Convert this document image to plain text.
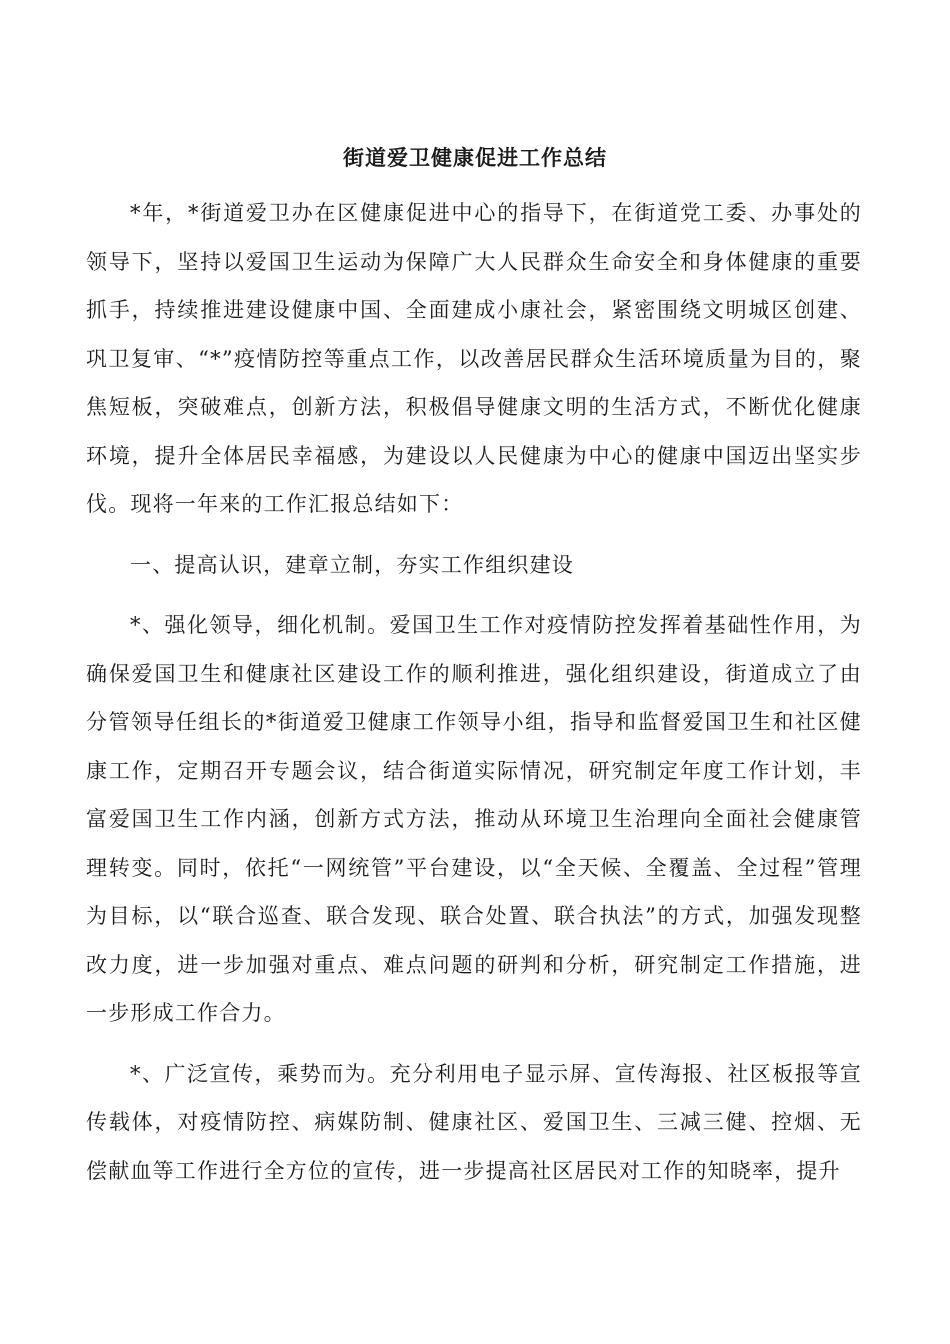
街道爱卫健康促进工作总结

*年，*街道爱卫办在区健康促进中心的指导下，在街道党工委、办事处的领导下，坚持以爱国卫生运动为保障广大人民群众生命安全和身体健康的重要抓手，持续推进建设健康中国、全面建成小康社会，紧密围绕文明城区创建、巩卫复审、“*”疫情防控等重点工作，以改善居民群众生活环境质量为目的，聚焦短板，突破难点，创新方法，积极倡导健康文明的生活方式，不断优化健康环境，提升全体居民幸福感，为建设以人民健康为中心的健康中国迈出坚实步伐。现将一年来的工作汇报总结如下：

一、提高认识，建章立制，夯实工作组织建设

*、强化领导，细化机制。爱国卫生工作对疫情防控发挥着基础性作用，为确保爱国卫生和健康社区建设工作的顺利推进，强化组织建设，街道成立了由分管领导任组长的*街道爱卫健康工作领导小组，指导和监督爱国卫生和社区健康工作，定期召开专题会议，结合街道实际情况，研究制定年度工作计划，丰富爱国卫生工作内涵，创新方式方法，推动从环境卫生治理向全面社会健康管理转变。同时，依托“一网统管”平台建设，以“全天候、全覆盖、全过程”管理为目标，以“联合巡查、联合发现、联合处置、联合执法”的方式，加强发现整改力度，进一步加强对重点、难点问题的研判和分析，研究制定工作措施，进一步形成工作合力。

*、广泛宣传，乘势而为。充分利用电子显示屏、宣传海报、社区板报等宣传载体，对疫情防控、病媒防制、健康社区、爱国卫生、三减三健、控烟、无偿献血等工作进行全方位的宣传，进一步提高社区居民对工作的知晓率，提升
